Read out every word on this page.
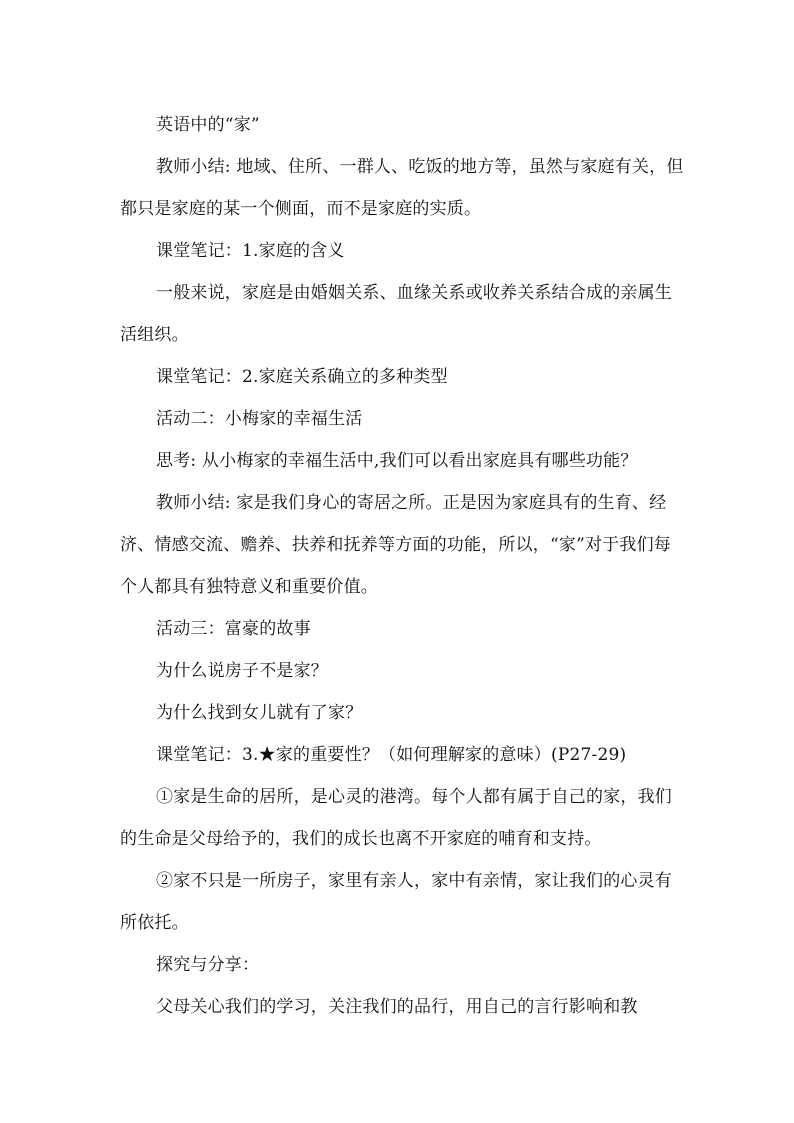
英语中的“家”

教师小结: 地域、住所、一群人、吃饭的地方等，虽然与家庭有关，但都只是家庭的某一个侧面，而不是家庭的实质。

课堂笔记：1.家庭的含义

一般来说，家庭是由婚姻关系、血缘关系或收养关系结合成的亲属生活组织。

课堂笔记：2.家庭关系确立的多种类型

活动二：小梅家的幸福生活

思考: 从小梅家的幸福生活中,我们可以看出家庭具有哪些功能？

教师小结: 家是我们身心的寄居之所。正是因为家庭具有的生育、经济、情感交流、赡养、扶养和抚养等方面的功能，所以，“家”对于我们每个人都具有独特意义和重要价值。

活动三：富豪的故事

为什么说房子不是家？

为什么找到女儿就有了家？

课堂笔记：3.★家的重要性？（如何理解家的意味）(P27-29)

①家是生命的居所，是心灵的港湾。每个人都有属于自己的家，我们的生命是父母给予的，我们的成长也离不开家庭的哺育和支持。

②家不只是一所房子，家里有亲人，家中有亲情，家让我们的心灵有所依托。

探究与分享：

父母关心我们的学习，关注我们的品行，用自己的言行影响和教
